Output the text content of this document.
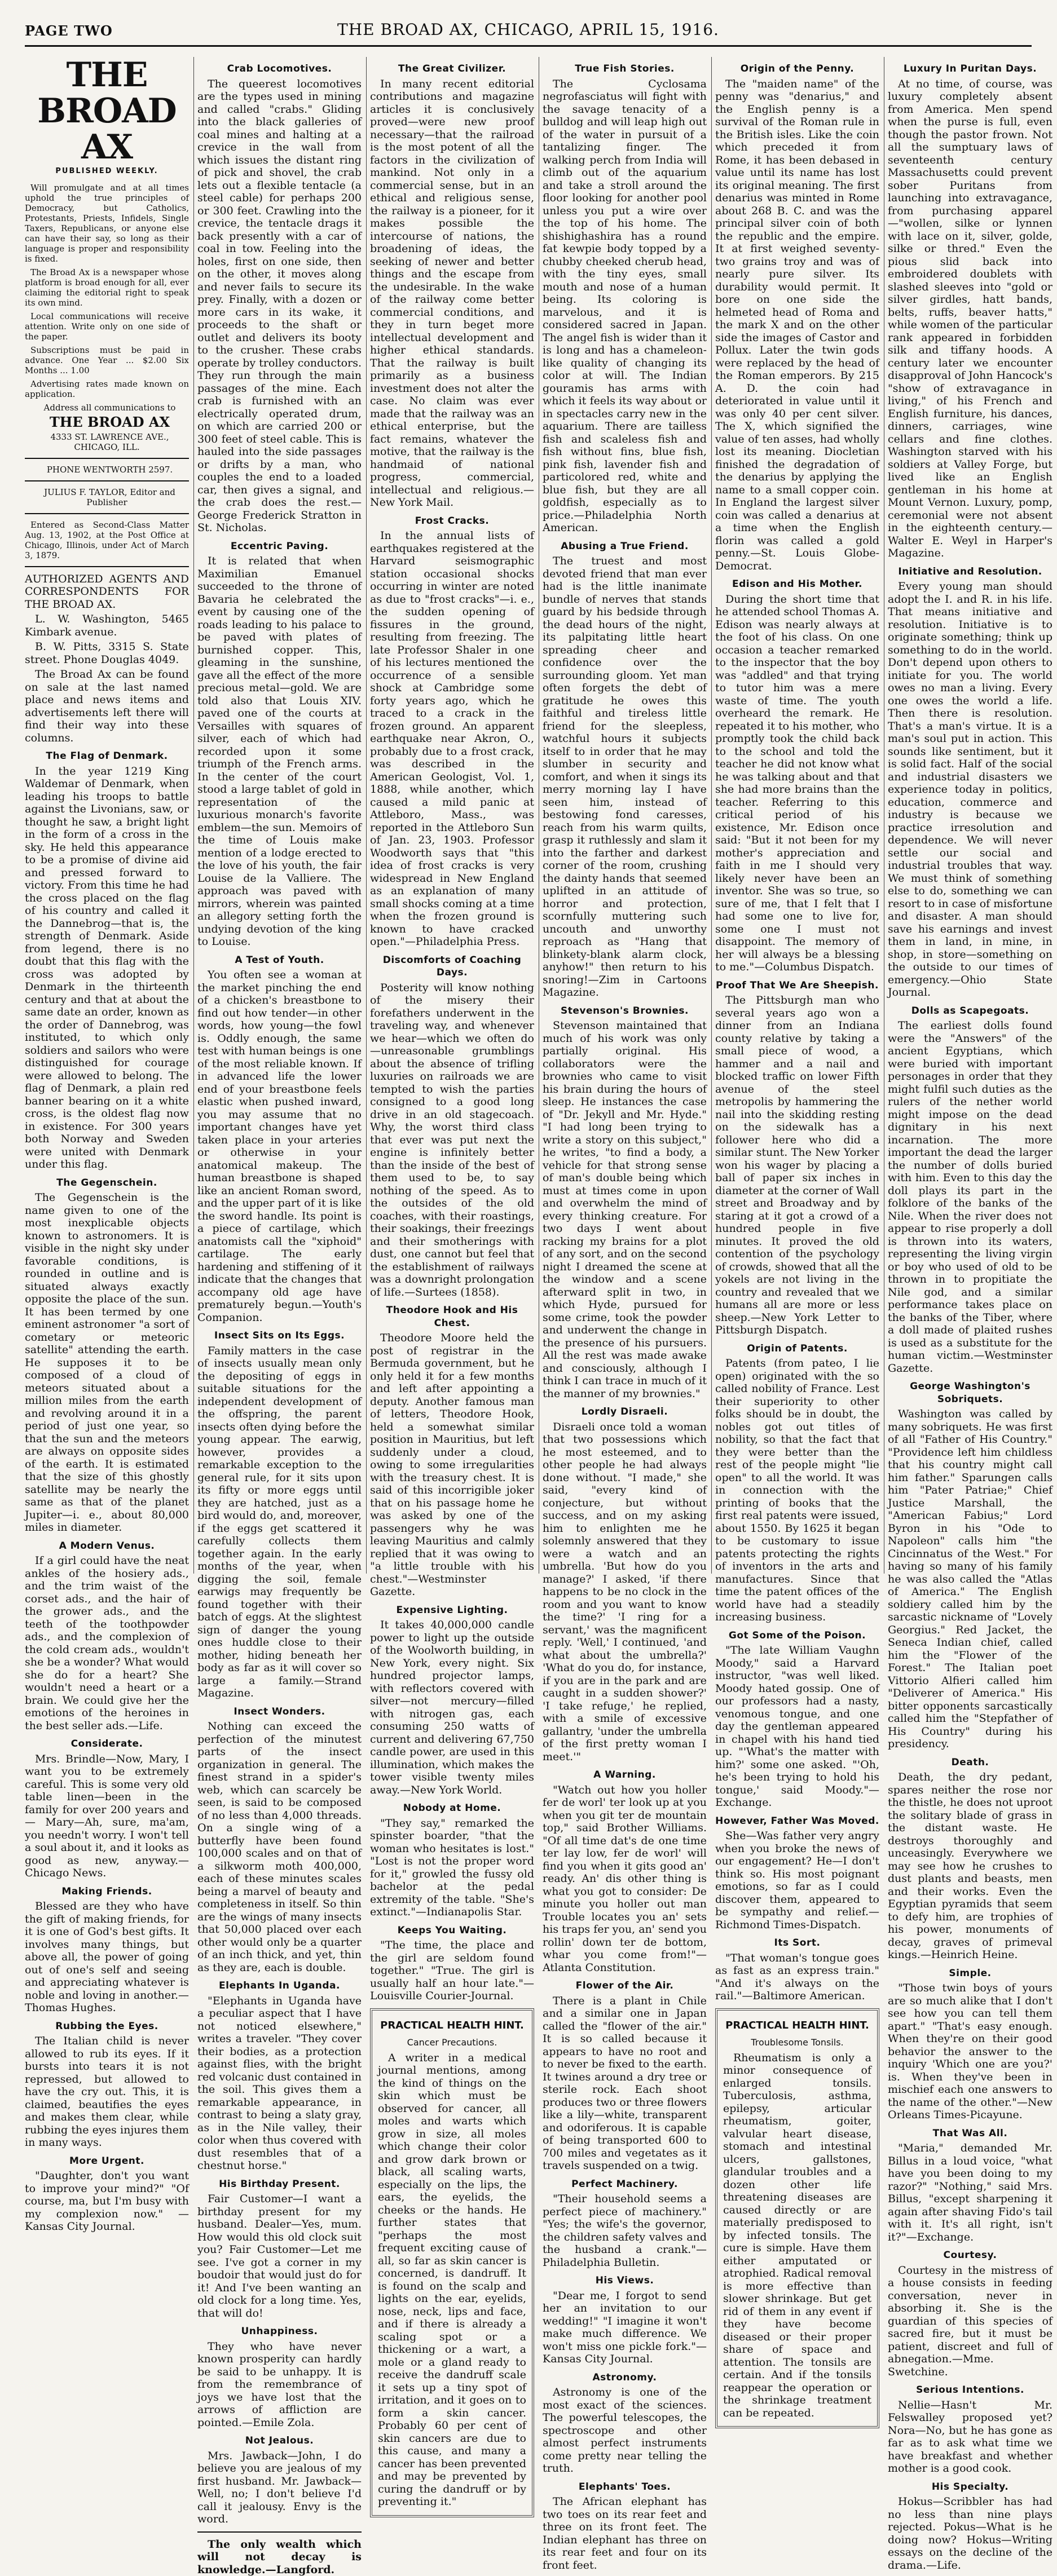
PAGE TWO	THE BROAD AX, CHICAGO, APRIL 15, 1916.
THE BROAD AX
PUBLISHED WEEKLY.

Will promulgate and at all times uphold the true principles of Democracy, but Catholics, Protestants, Priests, Infidels, Single Taxers, Republicans, or anyone else can have their say, so long as their language is proper and responsibility is fixed.

The Broad Ax is a newspaper whose platform is broad enough for all, ever claiming the editorial right to speak its own mind.

Local communications will receive attention. Write only on one side of the paper.

Subscriptions must be paid in advance. One Year ... $2.00 Six Months ... 1.00

Advertising rates made known on application.

Address all communications to

THE BROAD AX

4333 ST. LAWRENCE AVE., CHICAGO, ILL.

PHONE WENTWORTH 2597.

JULIUS F. TAYLOR, Editor and Publisher

Entered as Second-Class Matter Aug. 13, 1902, at the Post Office at Chicago, Illinois, under Act of March 3, 1879.

AUTHORIZED AGENTS AND CORRESPONDENTS FOR THE BROAD AX.

L. W. Washington, 5465 Kimbark avenue.

B. W. Pitts, 3315 S. State street. Phone Douglas 4049.

The Broad Ax can be found on sale at the last named place and news items and advertisements left there will find their way into these columns.

The Flag of Denmark.

In the year 1219 King Waldemar of Denmark, when leading his troops to battle against the Livonians, saw, or thought he saw, a bright light in the form of a cross in the sky. He held this appearance to be a promise of divine aid and pressed forward to victory. From this time he had the cross placed on the flag of his country and called it the Dannebrog—that is, the strength of Denmark. Aside from legend, there is no doubt that this flag with the cross was adopted by Denmark in the thirteenth century and that at about the same date an order, known as the order of Dannebrog, was instituted, to which only soldiers and sailors who were distinguished for courage were allowed to belong. The flag of Denmark, a plain red banner bearing on it a white cross, is the oldest flag now in existence. For 300 years both Norway and Sweden were united with Denmark under this flag.

The Gegenschein.

The Gegenschein is the name given to one of the most inexplicable objects known to astronomers. It is visible in the night sky under favorable conditions, is rounded in outline and is situated always exactly opposite the place of the sun. It has been termed by one eminent astronomer "a sort of cometary or meteoric satellite" attending the earth. He supposes it to be composed of a cloud of meteors situated about a million miles from the earth and revolving around it in a period of just one year, so that the sun and the meteors are always on opposite sides of the earth. It is estimated that the size of this ghostly satellite may be nearly the same as that of the planet Jupiter—i. e., about 80,000 miles in diameter.

A Modern Venus.

If a girl could have the neat ankles of the hosiery ads., and the trim waist of the corset ads., and the hair of the grower ads., and the teeth of the toothpowder ads., and the complexion of the cold cream ads., wouldn't she be a wonder? What would she do for a heart? She wouldn't need a heart or a brain. We could give her the emotions of the heroines in the best seller ads.—Life.

Considerate.

Mrs. Brindle—Now, Mary, I want you to be extremely careful. This is some very old table linen—been in the family for over 200 years and— Mary—Ah, sure, ma'am, you needn't worry. I won't tell a soul about it, and it looks as good as new, anyway.—Chicago News.

Making Friends.

Blessed are they who have the gift of making friends, for it is one of God's best gifts. It involves many things, but above all, the power of going out of one's self and seeing and appreciating whatever is noble and loving in another.—Thomas Hughes.

Rubbing the Eyes.

The Italian child is never allowed to rub its eyes. If it bursts into tears it is not repressed, but allowed to have the cry out. This, it is claimed, beautifies the eyes and makes them clear, while rubbing the eyes injures them in many ways.

More Urgent.

"Daughter, don't you want to improve your mind?" "Of course, ma, but I'm busy with my complexion now." — Kansas City Journal.

Crab Locomotives.

The queerest locomotives are the types used in mining and called "crabs." Gliding into the black galleries of coal mines and halting at a crevice in the wall from which issues the distant ring of pick and shovel, the crab lets out a flexible tentacle (a steel cable) for perhaps 200 or 300 feet. Crawling into the crevice, the tentacle drags it back presently with a car of coal in tow. Feeling into the holes, first on one side, then on the other, it moves along and never fails to secure its prey. Finally, with a dozen or more cars in its wake, it proceeds to the shaft or outlet and delivers its booty to the crusher. These crabs operate by trolley conductors. They run through the main passages of the mine. Each crab is furnished with an electrically operated drum, on which are carried 200 or 300 feet of steel cable. This is hauled into the side passages or drifts by a man, who couples the end to a loaded car, then gives a signal, and the crab does the rest.—George Frederick Stratton in St. Nicholas.

Eccentric Paving.

It is related that when Maximilian Emanuel succeeded to the throne of Bavaria he celebrated the event by causing one of the roads leading to his palace to be paved with plates of burnished copper. This, gleaming in the sunshine, gave all the effect of the more precious metal—gold. We are told also that Louis XIV. paved one of the courts at Versailles with squares of silver, each of which had recorded upon it some triumph of the French arms. In the center of the court stood a large tablet of gold in representation of the luxurious monarch's favorite emblem—the sun. Memoirs of the time of Louis make mention of a lodge erected to the love of his youth, the fair Louise de la Valliere. The approach was paved with mirrors, wherein was painted an allegory setting forth the undying devotion of the king to Louise.

A Test of Youth.

You often see a woman at the market pinching the end of a chicken's breastbone to find out how tender—in other words, how young—the fowl is. Oddly enough, the same test with human beings is one of the most reliable known. If in advanced life the lower end of your breastbone feels elastic when pushed inward, you may assume that no important changes have yet taken place in your arteries or otherwise in your anatomical makeup. The human breastbone is shaped like an ancient Roman sword, and the upper part of it is like the sword handle. Its point is a piece of cartilage, which anatomists call the "xiphoid" cartilage. The early hardening and stiffening of it indicate that the changes that accompany old age have prematurely begun.—Youth's Companion.

Insect Sits on Its Eggs.

Family matters in the case of insects usually mean only the depositing of eggs in suitable situations for the independent development of the offspring, the parent insects often dying before the young appear. The earwig, however, provides a remarkable exception to the general rule, for it sits upon its fifty or more eggs until they are hatched, just as a bird would do, and, moreover, if the eggs get scattered it carefully collects them together again. In the early months of the year, when digging the soil, female earwigs may frequently be found together with their batch of eggs. At the slightest sign of danger the young ones huddle close to their mother, hiding beneath her body as far as it will cover so large a family.—Strand Magazine.

Insect Wonders.

Nothing can exceed the perfection of the minutest parts of the insect organization in general. The finest strand in a spider's web, which can scarcely be seen, is said to be composed of no less than 4,000 threads. On a single wing of a butterfly have been found 100,000 scales and on that of a silkworm moth 400,000, each of these minutes scales being a marvel of beauty and completeness in itself. So thin are the wings of many insects that 50,000 placed over each other would only be a quarter of an inch thick, and yet, thin as they are, each is double.

Elephants In Uganda.

"Elephants in Uganda have a peculiar aspect that I have not noticed elsewhere," writes a traveler. "They cover their bodies, as a protection against flies, with the bright red volcanic dust contained in the soil. This gives them a remarkable appearance, in contrast to being a slaty gray, as in the Nile valley, their color when thus covered with dust resembles that of a chestnut horse."

His Birthday Present.

Fair Customer—I want a birthday present for my husband. Dealer—Yes, mum. How would this old clock suit you? Fair Customer—Let me see. I've got a corner in my boudoir that would just do for it! And I've been wanting an old clock for a long time. Yes, that will do!

Unhappiness.

They who have never known prosperity can hardly be said to be unhappy. It is from the remembrance of joys we have lost that the arrows of affliction are pointed.—Emile Zola.

Not Jealous.

Mrs. Jawback—John, I do believe you are jealous of my first husband. Mr. Jawback—Well, no; I don't believe I'd call it jealousy. Envy is the word.

The only wealth which will not decay is knowledge.—Langford.

The Great Civilizer.

In many recent editorial contributions and magazine articles it is conclusively proved—were new proof necessary—that the railroad is the most potent of all the factors in the civilization of mankind. Not only in a commercial sense, but in an ethical and religious sense, the railway is a pioneer, for it makes possible the intercourse of nations, the broadening of ideas, the seeking of newer and better things and the escape from the undesirable. In the wake of the railway come better commercial conditions, and they in turn beget more intellectual development and higher ethical standards. That the railway is built primarily as a business investment does not alter the case. No claim was ever made that the railway was an ethical enterprise, but the fact remains, whatever the motive, that the railway is the handmaid of national progress, commercial, intellectual and religious.—New York Mail.

Frost Cracks.

In the annual lists of earthquakes registered at the Harvard seismographic station occasional shocks occurring in winter are noted as due to "frost cracks"—i. e., the sudden opening of fissures in the ground, resulting from freezing. The late Professor Shaler in one of his lectures mentioned the occurrence of a sensible shock at Cambridge some forty years ago, which he traced to a crack in the frozen ground. An apparent earthquake near Akron, O., probably due to a frost crack, was described in the American Geologist, Vol. 1, 1888, while another, which caused a mild panic at Attleboro, Mass., was reported in the Attleboro Sun of Jan. 23, 1903. Professor Woodworth says that "this idea of frost cracks is very widespread in New England as an explanation of many small shocks coming at a time when the frozen ground is known to have cracked open."—Philadelphia Press.

Discomforts of Coaching Days.

Posterity will know nothing of the misery their forefathers underwent in the traveling way, and whenever we hear—which we often do—unreasonable grumblings about the absence of trifling luxuries on railroads we are tempted to wish the parties consigned to a good long drive in an old stagecoach. Why, the worst third class that ever was put next the engine is infinitely better than the inside of the best of them used to be, to say nothing of the speed. As to the outsides of the old coaches, with their roastings, their soakings, their freezings and their smotherings with dust, one cannot but feel that the establishment of railways was a downright prolongation of life.—Surtees (1858).

Theodore Hook and His Chest.

Theodore Moore held the post of registrar in the Bermuda government, but he only held it for a few months and left after appointing a deputy. Another famous man of letters, Theodore Hook, held a somewhat similar position in Mauritius, but left suddenly under a cloud, owing to some irregularities with the treasury chest. It is said of this incorrigible joker that on his passage home he was asked by one of the passengers why he was leaving Mauritius and calmly replied that it was owing to "a little trouble with his chest."—Westminster Gazette.

Expensive Lighting.

It takes 40,000,000 candle power to light up the outside of the Woolworth building, in New York, every night. Six hundred projector lamps, with reflectors covered with silver—not mercury—filled with nitrogen gas, each consuming 250 watts of current and delivering 67,750 candle power, are used in this illumination, which makes the tower visible twenty miles away.—New York World.

Nobody at Home.

"They say," remarked the spinster boarder, "that the woman who hesitates is lost." "Lost is not the proper word for it," growled the fussy old bachelor at the pedal extremity of the table. "She's extinct."—Indianapolis Star.

Keeps You Waiting.

"The time, the place and the girl are seldom found together." "True. The girl is usually half an hour late."—Louisville Courier-Journal.

PRACTICAL HEALTH HINT.
Cancer Precautions.

A writer in a medical journal mentions, among the kind of things on the skin which must be observed for cancer, all moles and warts which grow in size, all moles which change their color and grow dark brown or black, all scaling warts, especially on the lips, the ears, the eyelids, the cheeks or the hands. He further states that "perhaps the most frequent exciting cause of all, so far as skin cancer is concerned, is dandruff. It is found on the scalp and lights on the ear, eyelids, nose, neck, lips and face, and if there is already a scaling spot or a thickening or a wart, a mole or a gland ready to receive the dandruff scale it sets up a tiny spot of irritation, and it goes on to form a skin cancer. Probably 60 per cent of skin cancers are due to this cause, and many a cancer has been prevented and may be prevented by curing the dandruff or by preventing it."

True Fish Stories.

The Cyclosama negrofasciatus will fight with the savage tenacity of a bulldog and will leap high out of the water in pursuit of a tantalizing finger. The walking perch from India will climb out of the aquarium and take a stroll around the floor looking for another pool unless you put a wire over the top of his home. The shishighashira has a round fat kewpie body topped by a chubby cheeked cherub head, with the tiny eyes, small mouth and nose of a human being. Its coloring is marvelous, and it is considered sacred in Japan. The angel fish is wider than it is long and has a chameleon-like quality of changing its color at will. The Indian gouramis has arms with which it feels its way about or in spectacles carry new in the aquarium. There are tailless fish and scaleless fish and fish without fins, blue fish, pink fish, lavender fish and particolored red, white and blue fish, but they are all goldfish, especially as to price.—Philadelphia North American.

Abusing a True Friend.

The truest and most devoted friend that man ever had is the little inanimate bundle of nerves that stands guard by his bedside through the dead hours of the night, its palpitating little heart spreading cheer and confidence over the surrounding gloom. Yet man often forgets the debt of gratitude he owes this faithful and tireless little friend for the sleepless, watchful hours it subjects itself to in order that he may slumber in security and comfort, and when it sings its merry morning lay I have seen him, instead of bestowing fond caresses, reach from his warm quilts, grasp it ruthlessly and slam it into the farther and darkest corner of the room, crushing the dainty hands that seemed uplifted in an attitude of horror and protection, scornfully muttering such uncouth and unworthy reproach as "Hang that blinkety-blank alarm clock, anyhow!" then return to his snoring!—Zim in Cartoons Magazine.

Stevenson's Brownies.

Stevenson maintained that much of his work was only partially original. His collaborators were the brownies who came to visit his brain during the hours of sleep. He instances the case of "Dr. Jekyll and Mr. Hyde." "I had long been trying to write a story on this subject," he writes, "to find a body, a vehicle for that strong sense of man's double being which must at times come in upon and overwhelm the mind of every thinking creature. For two days I went about racking my brains for a plot of any sort, and on the second night I dreamed the scene at the window and a scene afterward split in two, in which Hyde, pursued for some crime, took the powder and underwent the change in the presence of his pursuers. All the rest was made awake and consciously, although I think I can trace in much of it the manner of my brownies."

Lordly Disraeli.

Disraeli once told a woman that two possessions which he most esteemed, and to other people he had always done without. "I made," she said, "every kind of conjecture, but without success, and on my asking him to enlighten me he solemnly answered that they were a watch and an umbrella. 'But how do you manage?' I asked, 'if there happens to be no clock in the room and you want to know the time?' 'I ring for a servant,' was the magnificent reply. 'Well,' I continued, 'and what about the umbrella?' 'What do you do, for instance, if you are in the park and are caught in a sudden shower?' 'I take refuge,' he replied, with a smile of excessive gallantry, 'under the umbrella of the first pretty woman I meet.'"

A Warning.

"Watch out how you holler fer de worl' ter look up at you when you git ter de mountain top," said Brother Williams. "Of all time dat's de one time ter lay low, fer de worl' will find you when it gits good an' ready. An' dis other thing is what you got to consider: De minute you holler out man Trouble locates you an' sets his traps fer you, an' send you rollin' down ter de bottom, whar you come from!"—Atlanta Constitution.

Flower of the Air.

There is a plant in Chile and a similar one in Japan called the "flower of the air." It is so called because it appears to have no root and to never be fixed to the earth. It twines around a dry tree or sterile rock. Each shoot produces two or three flowers like a lily—white, transparent and odoriferous. It is capable of being transported 600 to 700 miles and vegetates as it travels suspended on a twig.

Perfect Machinery.

"Their household seems a perfect piece of machinery." "Yes; the wife's the governor, the children safety valves and the husband a crank."—Philadelphia Bulletin.

His Views.

"Dear me, I forgot to send her an invitation to our wedding!" "I imagine it won't make much difference. We won't miss one pickle fork."—Kansas City Journal.

Astronomy.

Astronomy is one of the most exact of the sciences. The powerful telescopes, the spectroscope and other almost perfect instruments come pretty near telling the truth.

Elephants' Toes.

The African elephant has two toes on its rear feet and three on its front feet. The Indian elephant has three on its rear feet and four on its front feet.

Origin of the Penny.

The "maiden name" of the penny was "denarius," and the English penny is a survival of the Roman rule in the British isles. Like the coin which preceded it from Rome, it has been debased in value until its name has lost its original meaning. The first denarius was minted in Rome about 268 B. C. and was the principal silver coin of both the republic and the empire. It at first weighed seventy-two grains troy and was of nearly pure silver. Its durability would permit. It bore on one side the helmeted head of Roma and the mark X and on the other side the images of Castor and Pollux. Later the twin gods were replaced by the head of the Roman emperors. By 215 A. D. the coin had deteriorated in value until it was only 40 per cent silver. The X, which signified the value of ten asses, had wholly lost its meaning. Diocletian finished the degradation of the denarius by applying the name to a small copper coin. In England the largest silver coin was called a denarius at a time when the English florin was called a gold penny.—St. Louis Globe-Democrat.

Edison and His Mother.

During the short time that he attended school Thomas A. Edison was nearly always at the foot of his class. On one occasion a teacher remarked to the inspector that the boy was "addled" and that trying to tutor him was a mere waste of time. The youth overheard the remark. He repeated it to his mother, who promptly took the child back to the school and told the teacher he did not know what he was talking about and that she had more brains than the teacher. Referring to this critical period of his existence, Mr. Edison once said: "But it not been for my mother's appreciation and faith in me I should very likely never have been an inventor. She was so true, so sure of me, that I felt that I had some one to live for, some one I must not disappoint. The memory of her will always be a blessing to me."—Columbus Dispatch.

Proof That We Are Sheepish.

The Pittsburgh man who several years ago won a dinner from an Indiana county relative by taking a small piece of wood, a hammer and a nail and blocked traffic on lower Fifth avenue of the steel metropolis by hammering the nail into the skidding resting on the sidewalk has a follower here who did a similar stunt. The New Yorker won his wager by placing a ball of paper six inches in diameter at the corner of Wall street and Broadway and by staring at it got a crowd of a hundred people in five minutes. It proved the old contention of the psychology of crowds, showed that all the yokels are not living in the country and revealed that we humans all are more or less sheep.—New York Letter to Pittsburgh Dispatch.

Origin of Patents.

Patents (from pateo, I lie open) originated with the so called nobility of France. Lest their superiority to other folks should be in doubt, the nobles got out titles of nobility, so that the fact that they were better than the rest of the people might "lie open" to all the world. It was in connection with the printing of books that the first real patents were issued, about 1550. By 1625 it began to be customary to issue patents protecting the rights of inventors in the arts and manufactures. Since that time the patent offices of the world have had a steadily increasing business.

Got Some of the Poison.

"The late William Vaughn Moody," said a Harvard instructor, "was well liked. Moody hated gossip. One of our professors had a nasty, venomous tongue, and one day the gentleman appeared in chapel with his hand tied up. "'What's the matter with him?' some one asked. "'Oh, he's been trying to hold his tongue,' said Moody."—Exchange.

However, Father Was Moved.

She—Was father very angry when you broke the news of our engagement? He—I don't think so. His most poignant emotions, so far as I could discover them, appeared to be sympathy and relief.—Richmond Times-Dispatch.

Its Sort.

"That woman's tongue goes as fast as an express train." "And it's always on the rail."—Baltimore American.

PRACTICAL HEALTH HINT.
Troublesome Tonsils.

Rheumatism is only a minor consequence of enlarged tonsils. Tuberculosis, asthma, epilepsy, articular rheumatism, goiter, valvular heart disease, stomach and intestinal ulcers, gallstones, glandular troubles and a dozen other life threatening diseases are caused directly or are materially predisposed to by infected tonsils. The cure is simple. Have them either amputated or atrophied. Radical removal is more effective than slower shrinkage. But get rid of them in any event if they have become diseased or their proper share of space and attention. The tonsils are certain. And if the tonsils reappear the operation or the shrinkage treatment can be repeated.

Luxury In Puritan Days.

At no time, of course, was luxury completely absent from America. Men spend when the purse is full, even though the pastor frown. Not all the sumptuary laws of seventeenth century Massachusetts could prevent sober Puritans from launching into extravagance, from purchasing apparel—"wollen, silke or lynnen with lace on it, silver, golde, silke or thred." Even the pious slid back into embroidered doublets with slashed sleeves into "gold or silver girdles, hatt bands, belts, ruffs, beaver hatts," while women of the particular rank appeared in forbidden silk and tiffany hoods. A century later we encounter disapproval of John Hancock's "show of extravagance in living," of his French and English furniture, his dances, dinners, carriages, wine cellars and fine clothes. Washington starved with his soldiers at Valley Forge, but lived like an English gentleman in his home at Mount Vernon. Luxury, pomp, ceremonial were not absent in the eighteenth century.—Walter E. Weyl in Harper's Magazine.

Initiative and Resolution.

Every young man should adopt the I. and R. in his life. That means initiative and resolution. Initiative is to originate something; think up something to do in the world. Don't depend upon others to initiate for you. The world owes no man a living. Every one owes the world a life. Then there is resolution. That's a man's virtue. It is a man's soul put in action. This sounds like sentiment, but it is solid fact. Half of the social and industrial disasters we experience today in politics, education, commerce and industry is because we practice irresolution and dependence. We will never settle our social and industrial troubles that way. We must think of something else to do, something we can resort to in case of misfortune and disaster. A man should save his earnings and invest them in land, in mine, in shop, in store—something on the outside to our times of emergency.—Ohio State Journal.

Dolls as Scapegoats.

The earliest dolls found were the "Answers" of the ancient Egyptians, which were buried with important personages in order that they might fulfil such duties as the rulers of the nether world might impose on the dead dignitary in his next incarnation. The more important the dead the larger the number of dolls buried with him. Even to this day the doll plays its part in the folklore of the banks of the Nile. When the river does not appear to rise properly a doll is thrown into its waters, representing the living virgin or boy who used of old to be thrown in to propitiate the Nile god, and a similar performance takes place on the banks of the Tiber, where a doll made of plaited rushes is used as a substitute for the human victim.—Westminster Gazette.

George Washington's Sobriquets.

Washington was called by many sobriquets. He was first of all "Father of His Country." "Providence left him childless that his country might call him father." Sparungen calls him "Pater Patriae;" Chief Justice Marshall, the "American Fabius;" Lord Byron in his "Ode to Napoleon" calls him "the Cincinnatus of the West." For having so many of his family he was also called the "Atlas of America." The English soldiery called him by the sarcastic nickname of "Lovely Georgius." Red Jacket, the Seneca Indian chief, called him the "Flower of the Forest." The Italian poet Vittorio Alfieri called him "Deliverer of America." His bitter opponents sarcastically called him the "Stepfather of His Country" during his presidency.

Death.

Death, the dry pedant, spares neither the rose nor the thistle, he does not uproot the solitary blade of grass in the distant waste. He destroys thoroughly and unceasingly. Everywhere we may see how he crushes to dust plants and beasts, men and their works. Even the Egyptian pyramids that seem to defy him, are trophies of his power, monuments of decay, graves of primeval kings.—Heinrich Heine.

Simple.

"Those twin boys of yours are so much alike that I don't see how you can tell them apart." "That's easy enough. When they're on their good behavior the answer to the inquiry 'Which one are you?' is. When they've been in mischief each one answers to the name of the other."—New Orleans Times-Picayune.

That Was All.

"Maria," demanded Mr. Billus in a loud voice, "what have you been doing to my razor?" "Nothing," said Mrs. Billus, "except sharpening it again after shaving Fido's tail with it. It's all right, isn't it?"—Exchange.

Courtesy.

Courtesy in the mistress of a house consists in feeding conversation, never in absorbing it. She is the guardian of this species of sacred fire, but it must be patient, discreet and full of abnegation.—Mme. Swetchine.

Serious Intentions.

Nellie—Hasn't Mr. Felswalley proposed yet? Nora—No, but he has gone as far as to ask what time we have breakfast and whether mother is a good cook.

His Specialty.

Hokus—Scribbler has had no less than nine plays rejected. Pokus—What is he doing now? Hokus—Writing essays on the decline of the drama.—Life.
